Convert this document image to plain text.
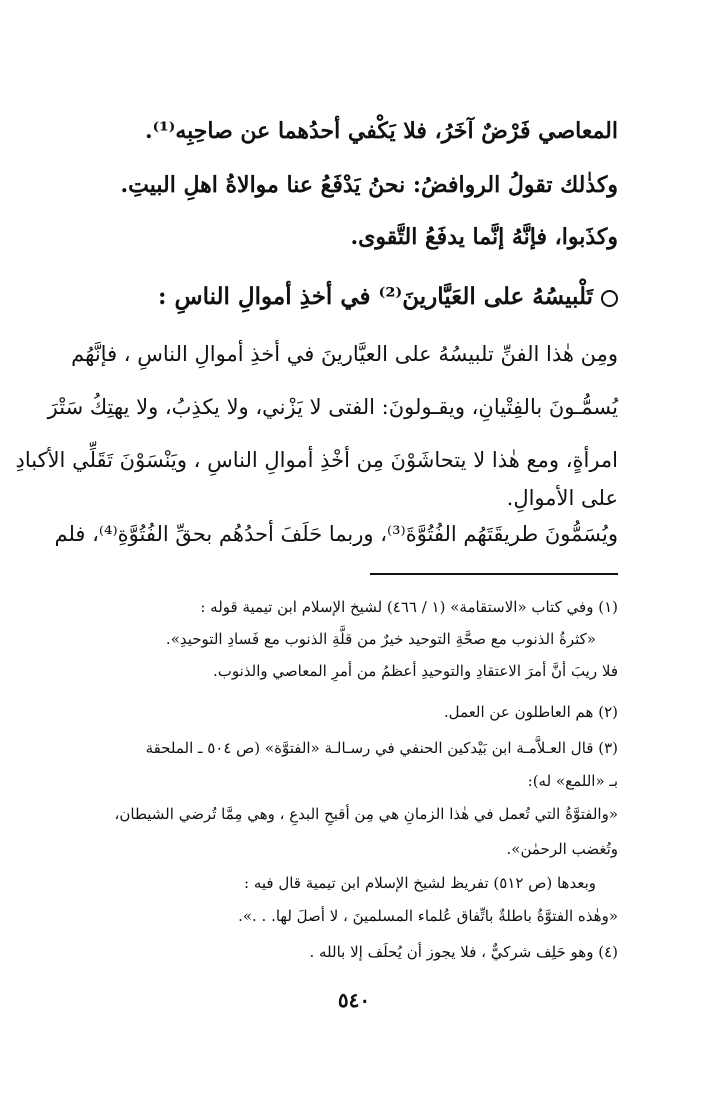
المعاصي فَرْضٌ آخَرُ، فلا يَكْفي أحدُهما عن صاحِبِه⁽¹⁾.
وكذٰلك تقولُ الروافضُ: نحنُ يَدْفَعُ عنا موالاةُ اهلِ البيتِ.
وكذَبوا، فإنَّهُ إنَّما يدفَعُ التَّقوى.
تَلْبيسُهُ على العَيَّارينَ⁽²⁾ في أخذِ أموالِ الناسِ :
ومِن هٰذا الفنِّ تلبيسُهُ على العيَّارينَ في أخذِ أموالِ الناسِ ، فإنَّهُم
يُسمُّـونَ بالفِتْيانِ، ويقـولونَ: الفتى لا يَزْني، ولا يكذِبُ، ولا يهتِكُ سَتْرَ
امرأةٍ، ومع هٰذا لا يتحاشَوْنَ مِن أخْذِ أموالِ الناسِ ، ويَنْسَوْنَ تَقَلِّي الأكبادِ
على الأموالِ.
ويُسَمُّونَ طريقَتَهُم الفُتُوَّةَ⁽³⁾، وربما حَلَفَ أحدُهُم بحقِّ الفُتُوَّةِ⁽⁴⁾، فلم
(١) وفي كتاب «الاستقامة» (١ / ٤٦٦) لشيخ الإسلام ابن تيمية قوله :
«كثرةُ الذنوب مع صحَّةِ التوحيد خيرٌ من قلَّةِ الذنوب مع فَسادِ التوحيدِ».
فلا ريبَ أنَّ أمرَ الاعتقادِ والتوحيدِ أعظمُ من أمرِ المعاصي والذنوب.
(٢) هم العاطلون عن العمل.
(٣) قال العـلاَّمـة ابن بَيْدكين الحنفي في رسـالـة «الفتوَّة» (ص ٥٠٤ ـ الملحقة
بـ «اللمع» له):
«والفتوَّةُ التي تُعمل في هٰذا الزمانِ هي مِن أقبحِ البدعِ ، وهي مِمَّا تُرضي الشيطان،
وتُغضب الرحمٰن».
وبعدها (ص ٥١٢) تفريظ لشيخ الإسلام ابن تيمية قال فيه :
«وهٰذه الفتوَّةُ باطلةٌ باتِّفاق عُلماء المسلمينَ ، لا أصلَ لها. . .».
(٤) وهو حَلِف شركيٌّ ، فلا يجوز أن يُحلَف إلا بالله .
٥٤٠
